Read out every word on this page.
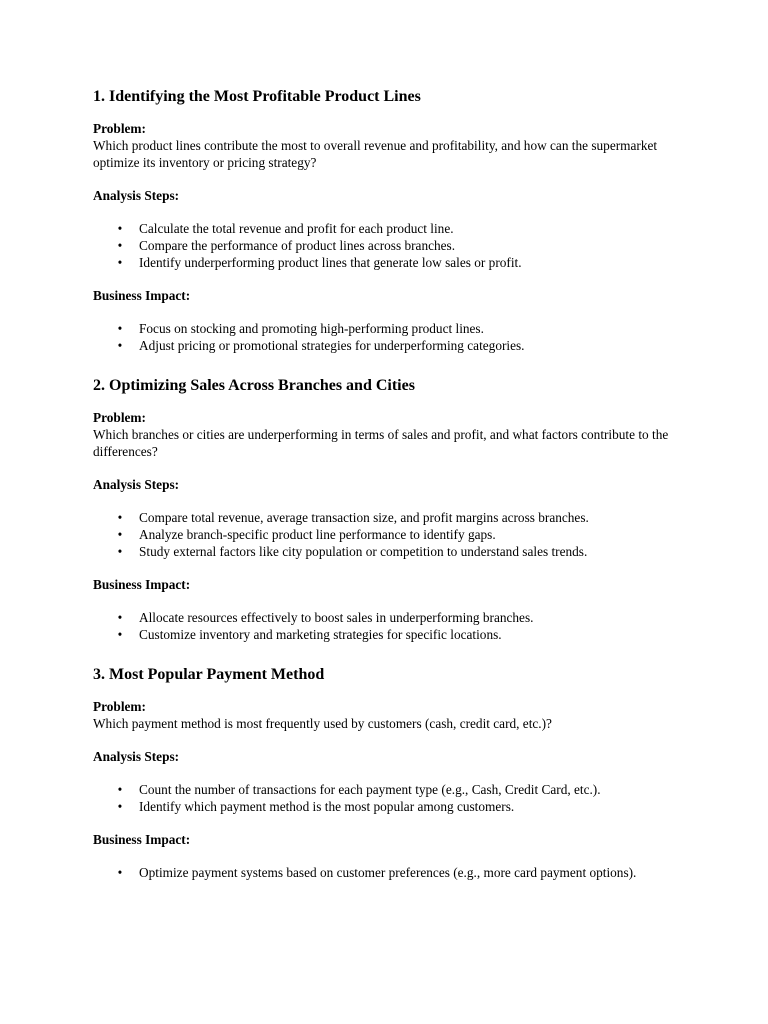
1. Identifying the Most Profitable Product Lines

Problem:

Which product lines contribute the most to overall revenue and profitability, and how can the supermarket optimize its inventory or pricing strategy?

Analysis Steps:

• Calculate the total revenue and profit for each product line.
• Compare the performance of product lines across branches.
• Identify underperforming product lines that generate low sales or profit.

Business Impact:

• Focus on stocking and promoting high-performing product lines.
• Adjust pricing or promotional strategies for underperforming categories.
2. Optimizing Sales Across Branches and Cities

Problem:

Which branches or cities are underperforming in terms of sales and profit, and what factors contribute to the differences?

Analysis Steps:

• Compare total revenue, average transaction size, and profit margins across branches.
• Analyze branch-specific product line performance to identify gaps.
• Study external factors like city population or competition to understand sales trends.

Business Impact:

• Allocate resources effectively to boost sales in underperforming branches.
• Customize inventory and marketing strategies for specific locations.
3. Most Popular Payment Method

Problem:

Which payment method is most frequently used by customers (cash, credit card, etc.)?

Analysis Steps:

• Count the number of transactions for each payment type (e.g., Cash, Credit Card, etc.).
• Identify which payment method is the most popular among customers.

Business Impact:

• Optimize payment systems based on customer preferences (e.g., more card payment options).
